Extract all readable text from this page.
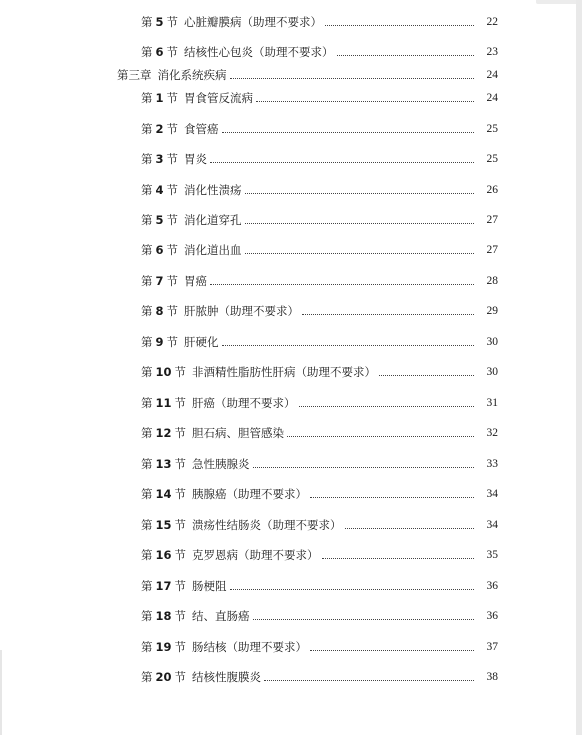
第 5 节 心脏瓣膜病（助理不要求）	22
第 6 节 结核性心包炎（助理不要求）	23
第三章 消化系统疾病	24
第 1 节 胃食管反流病	24
第 2 节 食管癌	25
第 3 节 胃炎	25
第 4 节 消化性溃疡	26
第 5 节 消化道穿孔	27
第 6 节 消化道出血	27
第 7 节 胃癌	28
第 8 节 肝脓肿（助理不要求）	29
第 9 节 肝硬化	30
第 10 节 非酒精性脂肪性肝病（助理不要求）	30
第 11 节 肝癌（助理不要求）	31
第 12 节 胆石病、胆管感染	32
第 13 节 急性胰腺炎	33
第 14 节 胰腺癌（助理不要求）	34
第 15 节 溃疡性结肠炎（助理不要求）	34
第 16 节 克罗恩病（助理不要求）	35
第 17 节 肠梗阻	36
第 18 节 结、直肠癌	36
第 19 节 肠结核（助理不要求）	37
第 20 节 结核性腹膜炎	38
